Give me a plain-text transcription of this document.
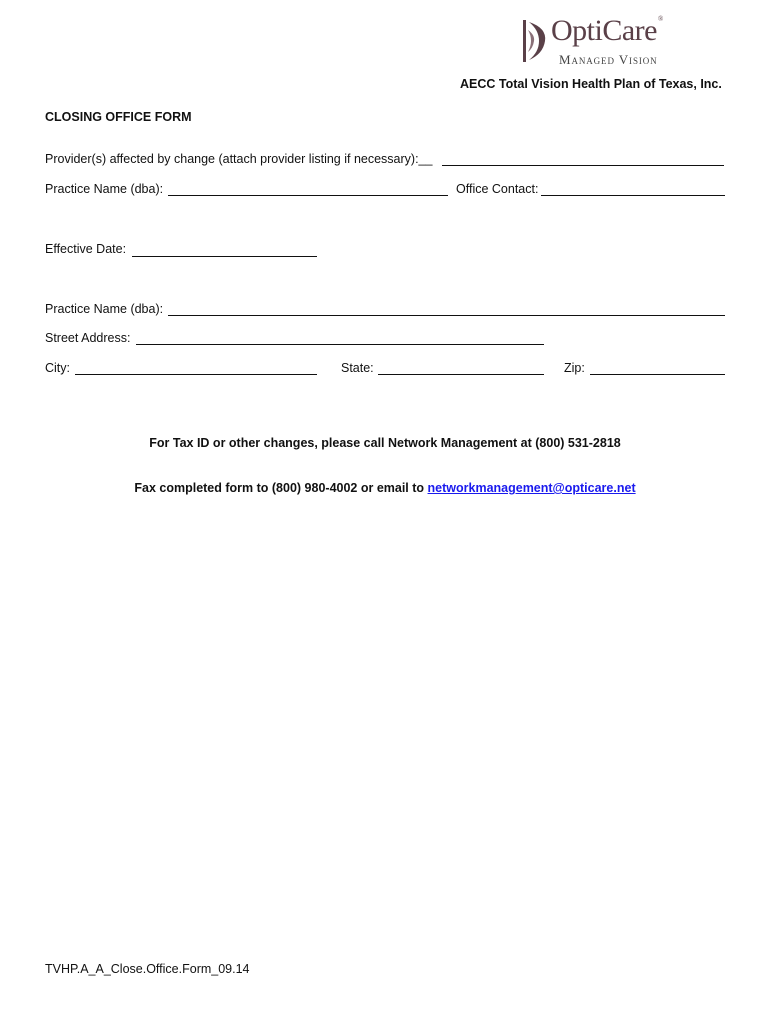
OptiCare®
Managed Vision
AECC Total Vision Health Plan of Texas, Inc.
CLOSING OFFICE FORM
Provider(s) affected by change (attach provider listing if necessary):__
Practice Name (dba):	Office Contact:
Effective Date:
Practice Name (dba):
Street Address:
City:	State:	Zip:
For Tax ID or other changes, please call Network Management at (800) 531-2818
Fax completed form to (800) 980-4002 or email to networkmanagement@opticare.net
TVHP.A_A_Close.Office.Form_09.14
